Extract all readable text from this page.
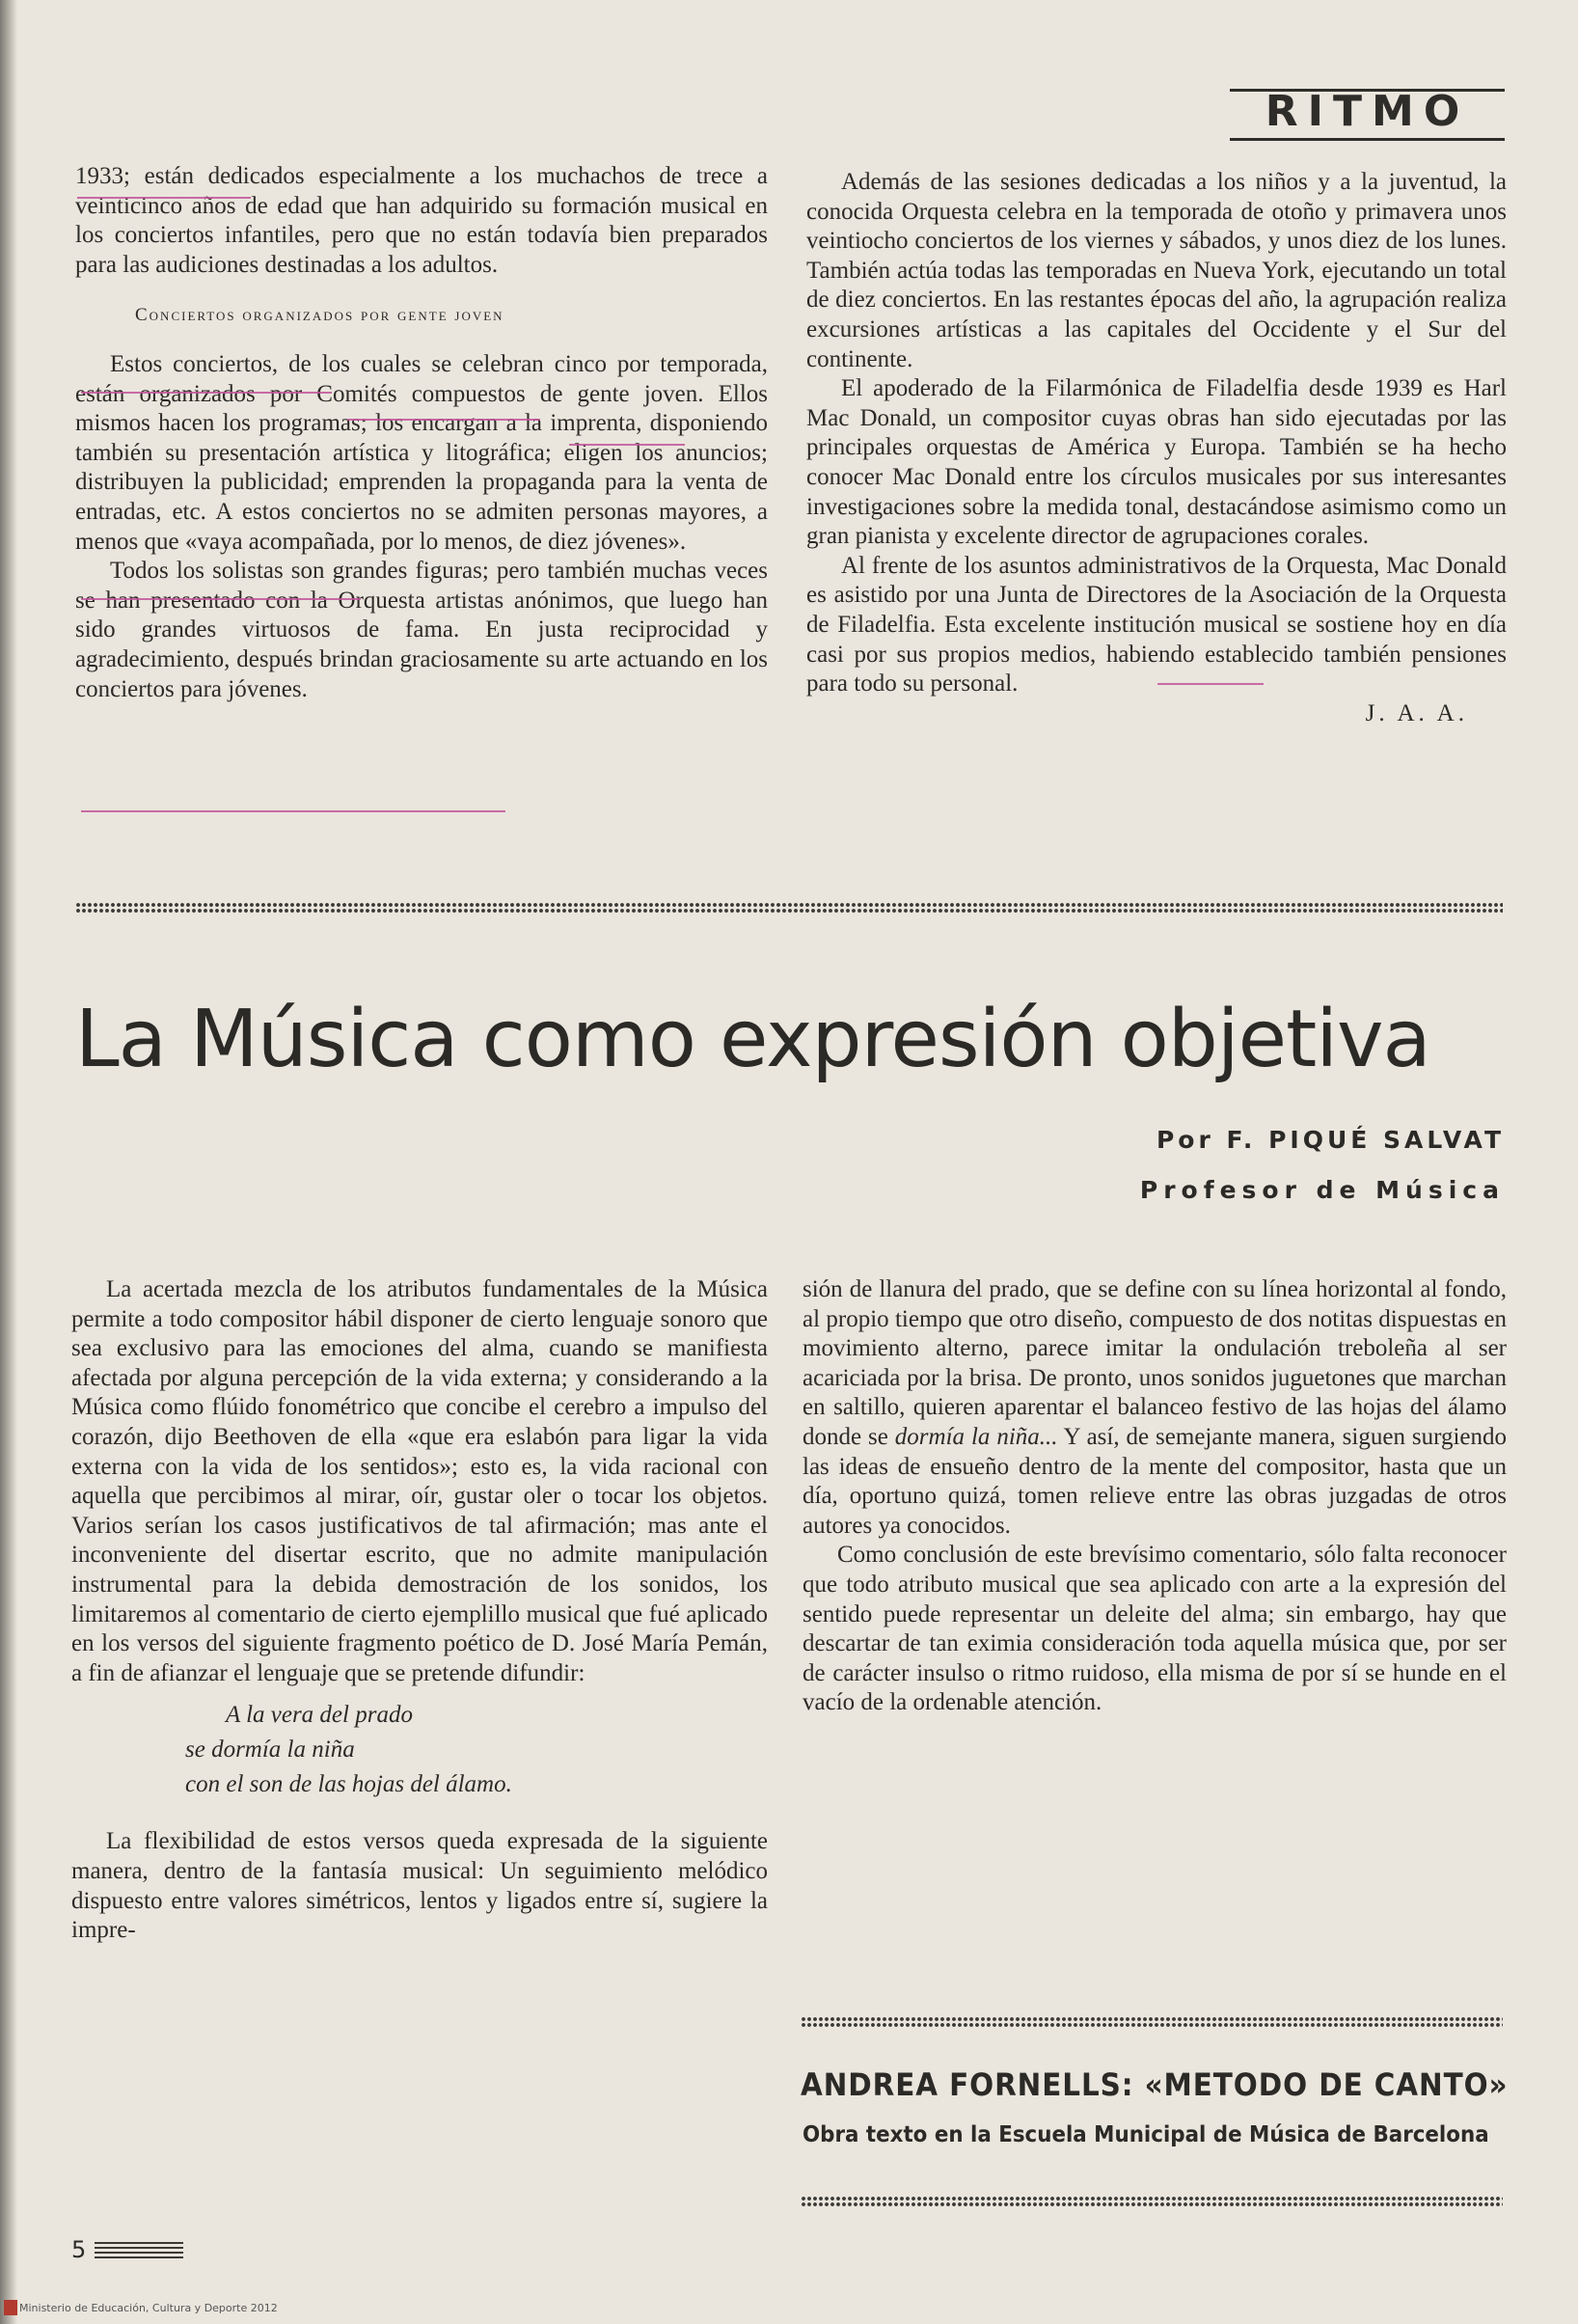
RITMO

1933; están dedicados especialmente a los muchachos de trece a veinticinco años de edad que han adquirido su formación musical en los conciertos infantiles, pero que no están todavía bien preparados para las audiciones destinadas a los adultos.

Conciertos organizados por gente joven

Estos conciertos, de los cuales se celebran cinco por temporada, están organizados por Comités compuestos de gente joven. Ellos mismos hacen los programas; los encargan a la imprenta, disponiendo también su presentación artística y litográfica; eligen los anuncios; distribuyen la publicidad; emprenden la propaganda para la venta de entradas, etc. A estos conciertos no se admiten personas mayores, a menos que «vaya acompañada, por lo menos, de diez jóvenes».

Todos los solistas son grandes figuras; pero también muchas veces se han presentado con la Orquesta artistas anónimos, que luego han sido grandes virtuosos de fama. En justa reciprocidad y agradecimiento, después brindan graciosamente su arte actuando en los conciertos para jóvenes.

Además de las sesiones dedicadas a los niños y a la juventud, la conocida Orquesta celebra en la temporada de otoño y primavera unos veintiocho conciertos de los viernes y sábados, y unos diez de los lunes. También actúa todas las temporadas en Nueva York, ejecutando un total de diez conciertos. En las restantes épocas del año, la agrupación realiza excursiones artísticas a las capitales del Occidente y el Sur del continente.

El apoderado de la Filarmónica de Filadelfia desde 1939 es Harl Mac Donald, un compositor cuyas obras han sido ejecutadas por las principales orquestas de América y Europa. También se ha hecho conocer Mac Donald entre los círculos musicales por sus interesantes investigaciones sobre la medida tonal, destacándose asimismo como un gran pianista y excelente director de agrupaciones corales.

Al frente de los asuntos administrativos de la Orquesta, Mac Donald es asistido por una Junta de Directores de la Asociación de la Orquesta de Filadelfia. Esta excelente institución musical se sostiene hoy en día casi por sus propios medios, habiendo establecido también pensiones para todo su personal.

J. A. A.

La Música como expresión objetiva
Por F. PIQUÉ SALVAT
Profesor de Música

La acertada mezcla de los atributos fundamentales de la Música permite a todo compositor hábil disponer de cierto lenguaje sonoro que sea exclusivo para las emociones del alma, cuando se manifiesta afectada por alguna percepción de la vida externa; y considerando a la Música como flúido fonométrico que concibe el cerebro a impulso del corazón, dijo Beethoven de ella «que era eslabón para ligar la vida externa con la vida de los sentidos»; esto es, la vida racional con aquella que percibimos al mirar, oír, gustar oler o tocar los objetos. Varios serían los casos justificativos de tal afirmación; mas ante el inconveniente del disertar escrito, que no admite manipulación instrumental para la debida demostración de los sonidos, los limitaremos al comentario de cierto ejemplillo musical que fué aplicado en los versos del siguiente fragmento poético de D. José María Pemán, a fin de afianzar el lenguaje que se pretende difundir:

A la vera del prado
se dormía la niña
con el son de las hojas del álamo.

La flexibilidad de estos versos queda expresada de la siguiente manera, dentro de la fantasía musical: Un seguimiento melódico dispuesto entre valores simétricos, lentos y ligados entre sí, sugiere la impre-

sión de llanura del prado, que se define con su línea horizontal al fondo, al propio tiempo que otro diseño, compuesto de dos notitas dispuestas en movimiento alterno, parece imitar la ondulación treboleña al ser acariciada por la brisa. De pronto, unos sonidos juguetones que marchan en saltillo, quieren aparentar el balanceo festivo de las hojas del álamo donde se dormía la niña... Y así, de semejante manera, siguen surgiendo las ideas de ensueño dentro de la mente del compositor, hasta que un día, oportuno quizá, tomen relieve entre las obras juzgadas de otros autores ya conocidos.

Como conclusión de este brevísimo comentario, sólo falta reconocer que todo atributo musical que sea aplicado con arte a la expresión del sentido puede representar un deleite del alma; sin embargo, hay que descartar de tan eximia consideración toda aquella música que, por ser de carácter insulso o ritmo ruidoso, ella misma de por sí se hunde en el vacío de la ordenable atención.

ANDREA FORNELLS: «METODO DE CANTO»
Obra texto en la Escuela Municipal de Música de Barcelona
5
Ministerio de Educación, Cultura y Deporte 2012
